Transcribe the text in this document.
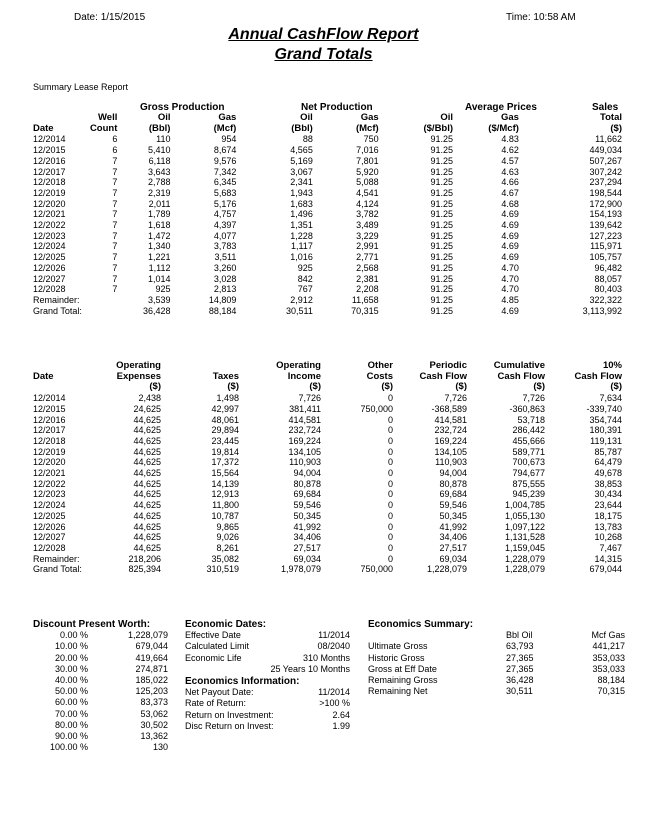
Date: 1/15/2015	Time: 10:58 AM
Annual CashFlow Report
Grand Totals
Summary Lease Report
Gross Production	Net Production	Average Prices	Sales
	Well	Oil	Gas	Oil	Gas	Oil	Gas	Total
Date	Count	(Bbl)	(Mcf)	(Bbl)	(Mcf)	($/Bbl)	($/Mcf)	($)
12/2014	6	110	954	88	750	91.25	4.83	11,662
12/2015	6	5,410	8,674	4,565	7,016	91.25	4.62	449,034
12/2016	7	6,118	9,576	5,169	7,801	91.25	4.57	507,267
12/2017	7	3,643	7,342	3,067	5,920	91.25	4.63	307,242
12/2018	7	2,788	6,345	2,341	5,088	91.25	4.66	237,294
12/2019	7	2,319	5,683	1,943	4,541	91.25	4.67	198,544
12/2020	7	2,011	5,176	1,683	4,124	91.25	4.68	172,900
12/2021	7	1,789	4,757	1,496	3,782	91.25	4.69	154,193
12/2022	7	1,618	4,397	1,351	3,489	91.25	4.69	139,642
12/2023	7	1,472	4,077	1,228	3,229	91.25	4.69	127,223
12/2024	7	1,340	3,783	1,117	2,991	91.25	4.69	115,971
12/2025	7	1,221	3,511	1,016	2,771	91.25	4.69	105,757
12/2026	7	1,112	3,260	925	2,568	91.25	4.70	96,482
12/2027	7	1,014	3,028	842	2,381	91.25	4.70	88,057
12/2028	7	925	2,813	767	2,208	91.25	4.70	80,403
Remainder:		3,539	14,809	2,912	11,658	91.25	4.85	322,322
Grand Total:		36,428	88,184	30,511	70,315	91.25	4.69	3,113,992
	Operating		Operating	Other	Periodic	Cumulative	10%
Date	Expenses	Taxes	Income	Costs	Cash Flow	Cash Flow	Cash Flow
	($)	($)	($)	($)	($)	($)	($)
12/2014	2,438	1,498	7,726	0	7,726	7,726	7,634
12/2015	24,625	42,997	381,411	750,000	-368,589	-360,863	-339,740
12/2016	44,625	48,061	414,581	0	414,581	53,718	354,744
12/2017	44,625	29,894	232,724	0	232,724	286,442	180,391
12/2018	44,625	23,445	169,224	0	169,224	455,666	119,131
12/2019	44,625	19,814	134,105	0	134,105	589,771	85,787
12/2020	44,625	17,372	110,903	0	110,903	700,673	64,479
12/2021	44,625	15,564	94,004	0	94,004	794,677	49,678
12/2022	44,625	14,139	80,878	0	80,878	875,555	38,853
12/2023	44,625	12,913	69,684	0	69,684	945,239	30,434
12/2024	44,625	11,800	59,546	0	59,546	1,004,785	23,644
12/2025	44,625	10,787	50,345	0	50,345	1,055,130	18,175
12/2026	44,625	9,865	41,992	0	41,992	1,097,122	13,783
12/2027	44,625	9,026	34,406	0	34,406	1,131,528	10,268
12/2028	44,625	8,261	27,517	0	27,517	1,159,045	7,467
Remainder:	218,206	35,082	69,034	0	69,034	1,228,079	14,315
Grand Total:	825,394	310,519	1,978,079	750,000	1,228,079	1,228,079	679,044
Discount Present Worth:
0.00 %	1,228,079
10.00 %	679,044
20.00 %	419,664
30.00 %	274,871
40.00 %	185,022
50.00 %	125,203
60.00 %	83,373
70.00 %	53,062
80.00 %	30,502
90.00 %	13,362
100.00 %	130
Economic Dates:
Effective Date	11/2014
Calculated Limit	08/2040
Economic Life	310 Months
25 Years 10 Months
Economics Information:
Net Payout Date:	11/2014
Rate of Return:	>100 %
Return on Investment:	2.64
Disc Return on Invest:	1.99
Economics Summary:
Bbl Oil	Mcf Gas
Ultimate Gross	63,793	441,217
Historic Gross	27,365	353,033
Gross at Eff Date	27,365	353,033
Remaining Gross	36,428	88,184
Remaining Net	30,511	70,315
